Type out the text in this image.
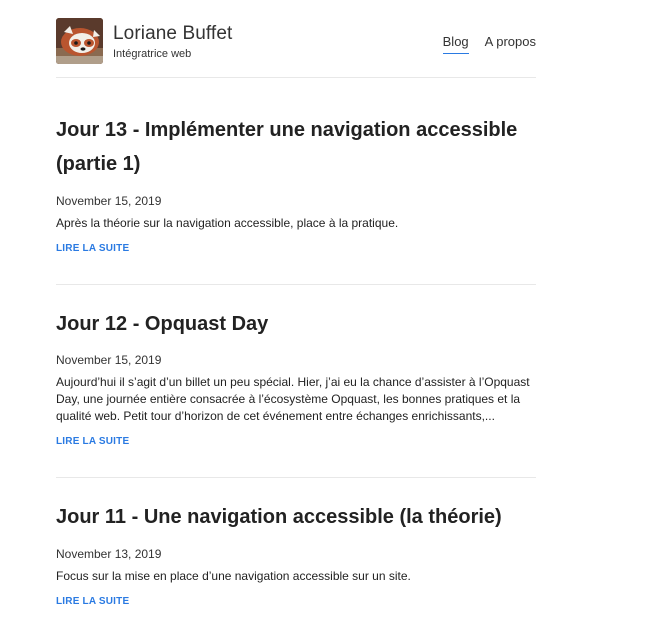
Loriane Buffet
Intégratrice web
Blog A propos
Jour 13 - Implémenter une navigation accessible (partie 1)
November 15, 2019

Après la théorie sur la navigation accessible, place à la pratique.

LIRE LA SUITE
Jour 12 - Opquast Day
November 15, 2019

Aujourd’hui il s’agit d’un billet un peu spécial. Hier, j’ai eu la chance d’assister à l’Opquast Day, une journée entière consacrée à l’écosystème Opquast, les bonnes pratiques et la qualité web. Petit tour d’horizon de cet événement entre échanges enrichissants,...

LIRE LA SUITE
Jour 11 - Une navigation accessible (la théorie)
November 13, 2019

Focus sur la mise en place d’une navigation accessible sur un site.

LIRE LA SUITE
